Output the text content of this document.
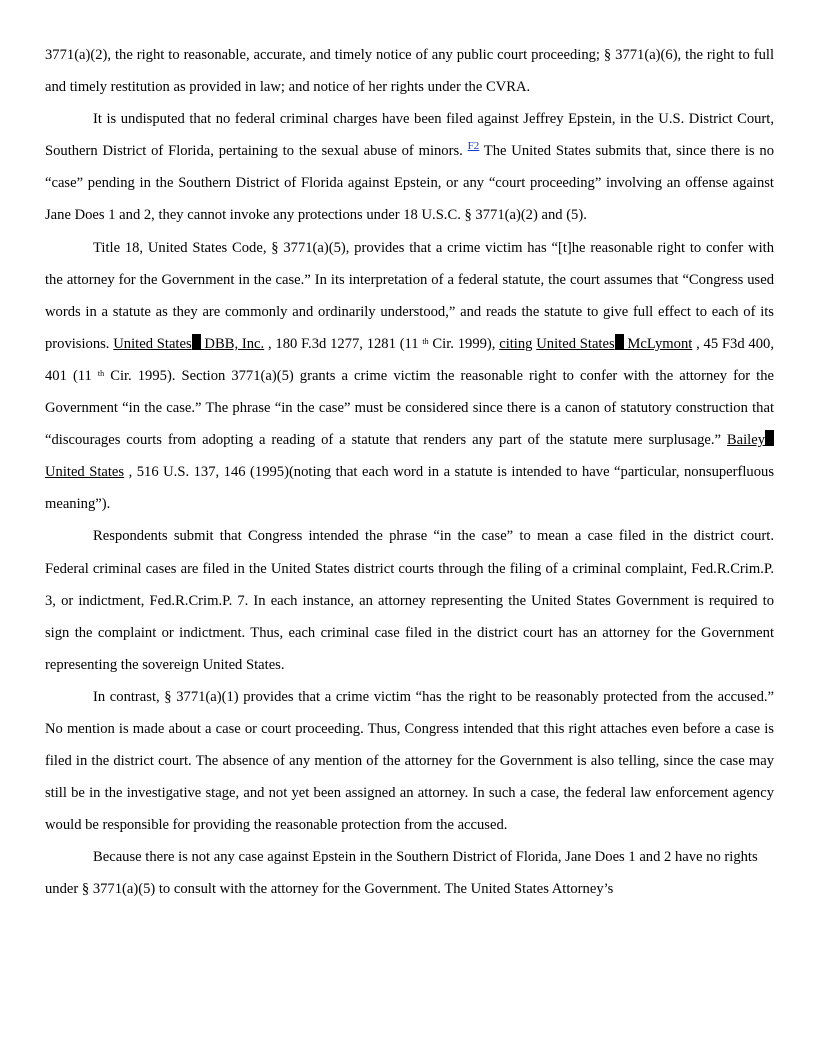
3771(a)(2), the right to reasonable, accurate, and timely notice of any public court proceeding; § 3771(a)(6), the right to full and timely restitution as provided in law; and notice of her rights under the CVRA.

It is undisputed that no federal criminal charges have been filed against Jeffrey Epstein, in the U.S. District Court, Southern District of Florida, pertaining to the sexual abuse of minors. $^{F2}$ The United States submits that, since there is no “case” pending in the Southern District of Florida against Epstein, or any “court proceeding” involving an offense against Jane Does 1 and 2, they cannot invoke any protections under 18 U.S.C. § 3771(a)(2) and (5).

Title 18, United States Code, § 3771(a)(5), provides that a crime victim has “[t]he reasonable right to confer with the attorney for the Government in the case.” In its interpretation of a federal statute, the court assumes that “Congress used words in a statute as they are commonly and ordinarily understood,” and reads the statute to give full effect to each of its provisions. United States DBB, Inc. , 180 F.3d 1277, 1281 (11 $^{th}$ Cir. 1999), citing United States McLymont , 45 F3d 400, 401 (11 $^{th}$ Cir. 1995). Section 3771(a)(5) grants a crime victim the reasonable right to confer with the attorney for the Government “in the case.” The phrase “in the case” must be considered since there is a canon of statutory construction that “discourages courts from adopting a reading of a statute that renders any part of the statute mere surplusage.” Bailey United States , 516 U.S. 137, 146 (1995)(noting that each word in a statute is intended to have “particular, nonsuperfluous meaning”).

Respondents submit that Congress intended the phrase “in the case” to mean a case filed in the district court. Federal criminal cases are filed in the United States district courts through the filing of a criminal complaint, Fed.R.Crim.P. 3, or indictment, Fed.R.Crim.P. 7. In each instance, an attorney representing the United States Government is required to sign the complaint or indictment. Thus, each criminal case filed in the district court has an attorney for the Government representing the sovereign United States.

In contrast, § 3771(a)(1) provides that a crime victim “has the right to be reasonably protected from the accused.” No mention is made about a case or court proceeding. Thus, Congress intended that this right attaches even before a case is filed in the district court. The absence of any mention of the attorney for the Government is also telling, since the case may still be in the investigative stage, and not yet been assigned an attorney. In such a case, the federal law enforcement agency would be responsible for providing the reasonable protection from the accused.

Because there is not any case against Epstein in the Southern District of Florida, Jane Does 1 and 2 have no rights under § 3771(a)(5) to consult with the attorney for the Government. The United States Attorney’s
